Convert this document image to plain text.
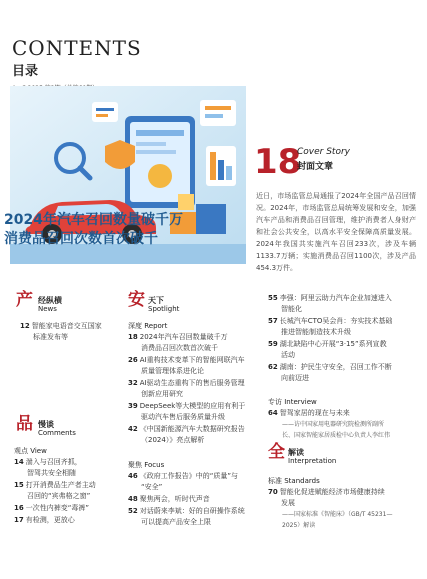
CONTENTS
目录
2024年汽车召回数量破千万
消费品召回次数首次破千
18
Cover Story
封面文章
近日，市场监管总局通报了2024年全国产品召回情况。2024年，市场监管总局统筹发展和安全，加强汽车产品和消费品召回管理，维护消费者人身财产和社会公共安全，以高水平安全保障高质量发展。2024年我国共实施汽车召回233次，涉及车辆1133.7万辆；实施消费品召回1100次，涉及产品454.3万件。
产 经纵横
News
12 智能家电语音交互国家
标准发布等
品 慢谈
Comments
观点 View
14 湍入与召回齐抓，
智驾共安全相随
15 打开消费品生产者主动
召回的“宾弗格之窗”
16 一次性内裤变“毒裤”
17 有检测，更放心
安 天下
Spotlight
深度 Report
18 2024年汽车召回数量破千万
消费品召回次数首次破千
26 AI重构技术变革下的智能网联汽车
质量管理体系进化论
32 AI驱动生态重构下的售后服务管理
创新应用研究
39 DeepSeek等大模型的应用有利于
驱动汽车售后服务质量升级
42 《中国新能源汽车大数据研究报告
（2024）》亮点解析
聚焦 Focus
46 《政府工作报告》中的“质量”与
“安全”
48 聚焦两会，听时代声音
52 对话蔚来李斌：好的自研操作系统
可以提高产品安全上限
55 李强：阿里云助力汽车企业加速进入
智能化
57 长城汽车CTO吴会肖：夯实技术基础
推进智能制造技术升级
59 湖北缺陷中心开展“3·15”系列宣教
活动
62 湖南：护民生守安全，召回工作不断
向前迈进
专访 Interview
64 智驾家居的现在与未来
——访中国家用电器研究院检测所副所
长、国家智能家居质检中心负责人李红伟
全 解读
Interpretation
标准 Standards
70 智能化促进赋能经济市场健康持续
发展
——国家标准《智能床》（GB/T 45231—
2025）解读
